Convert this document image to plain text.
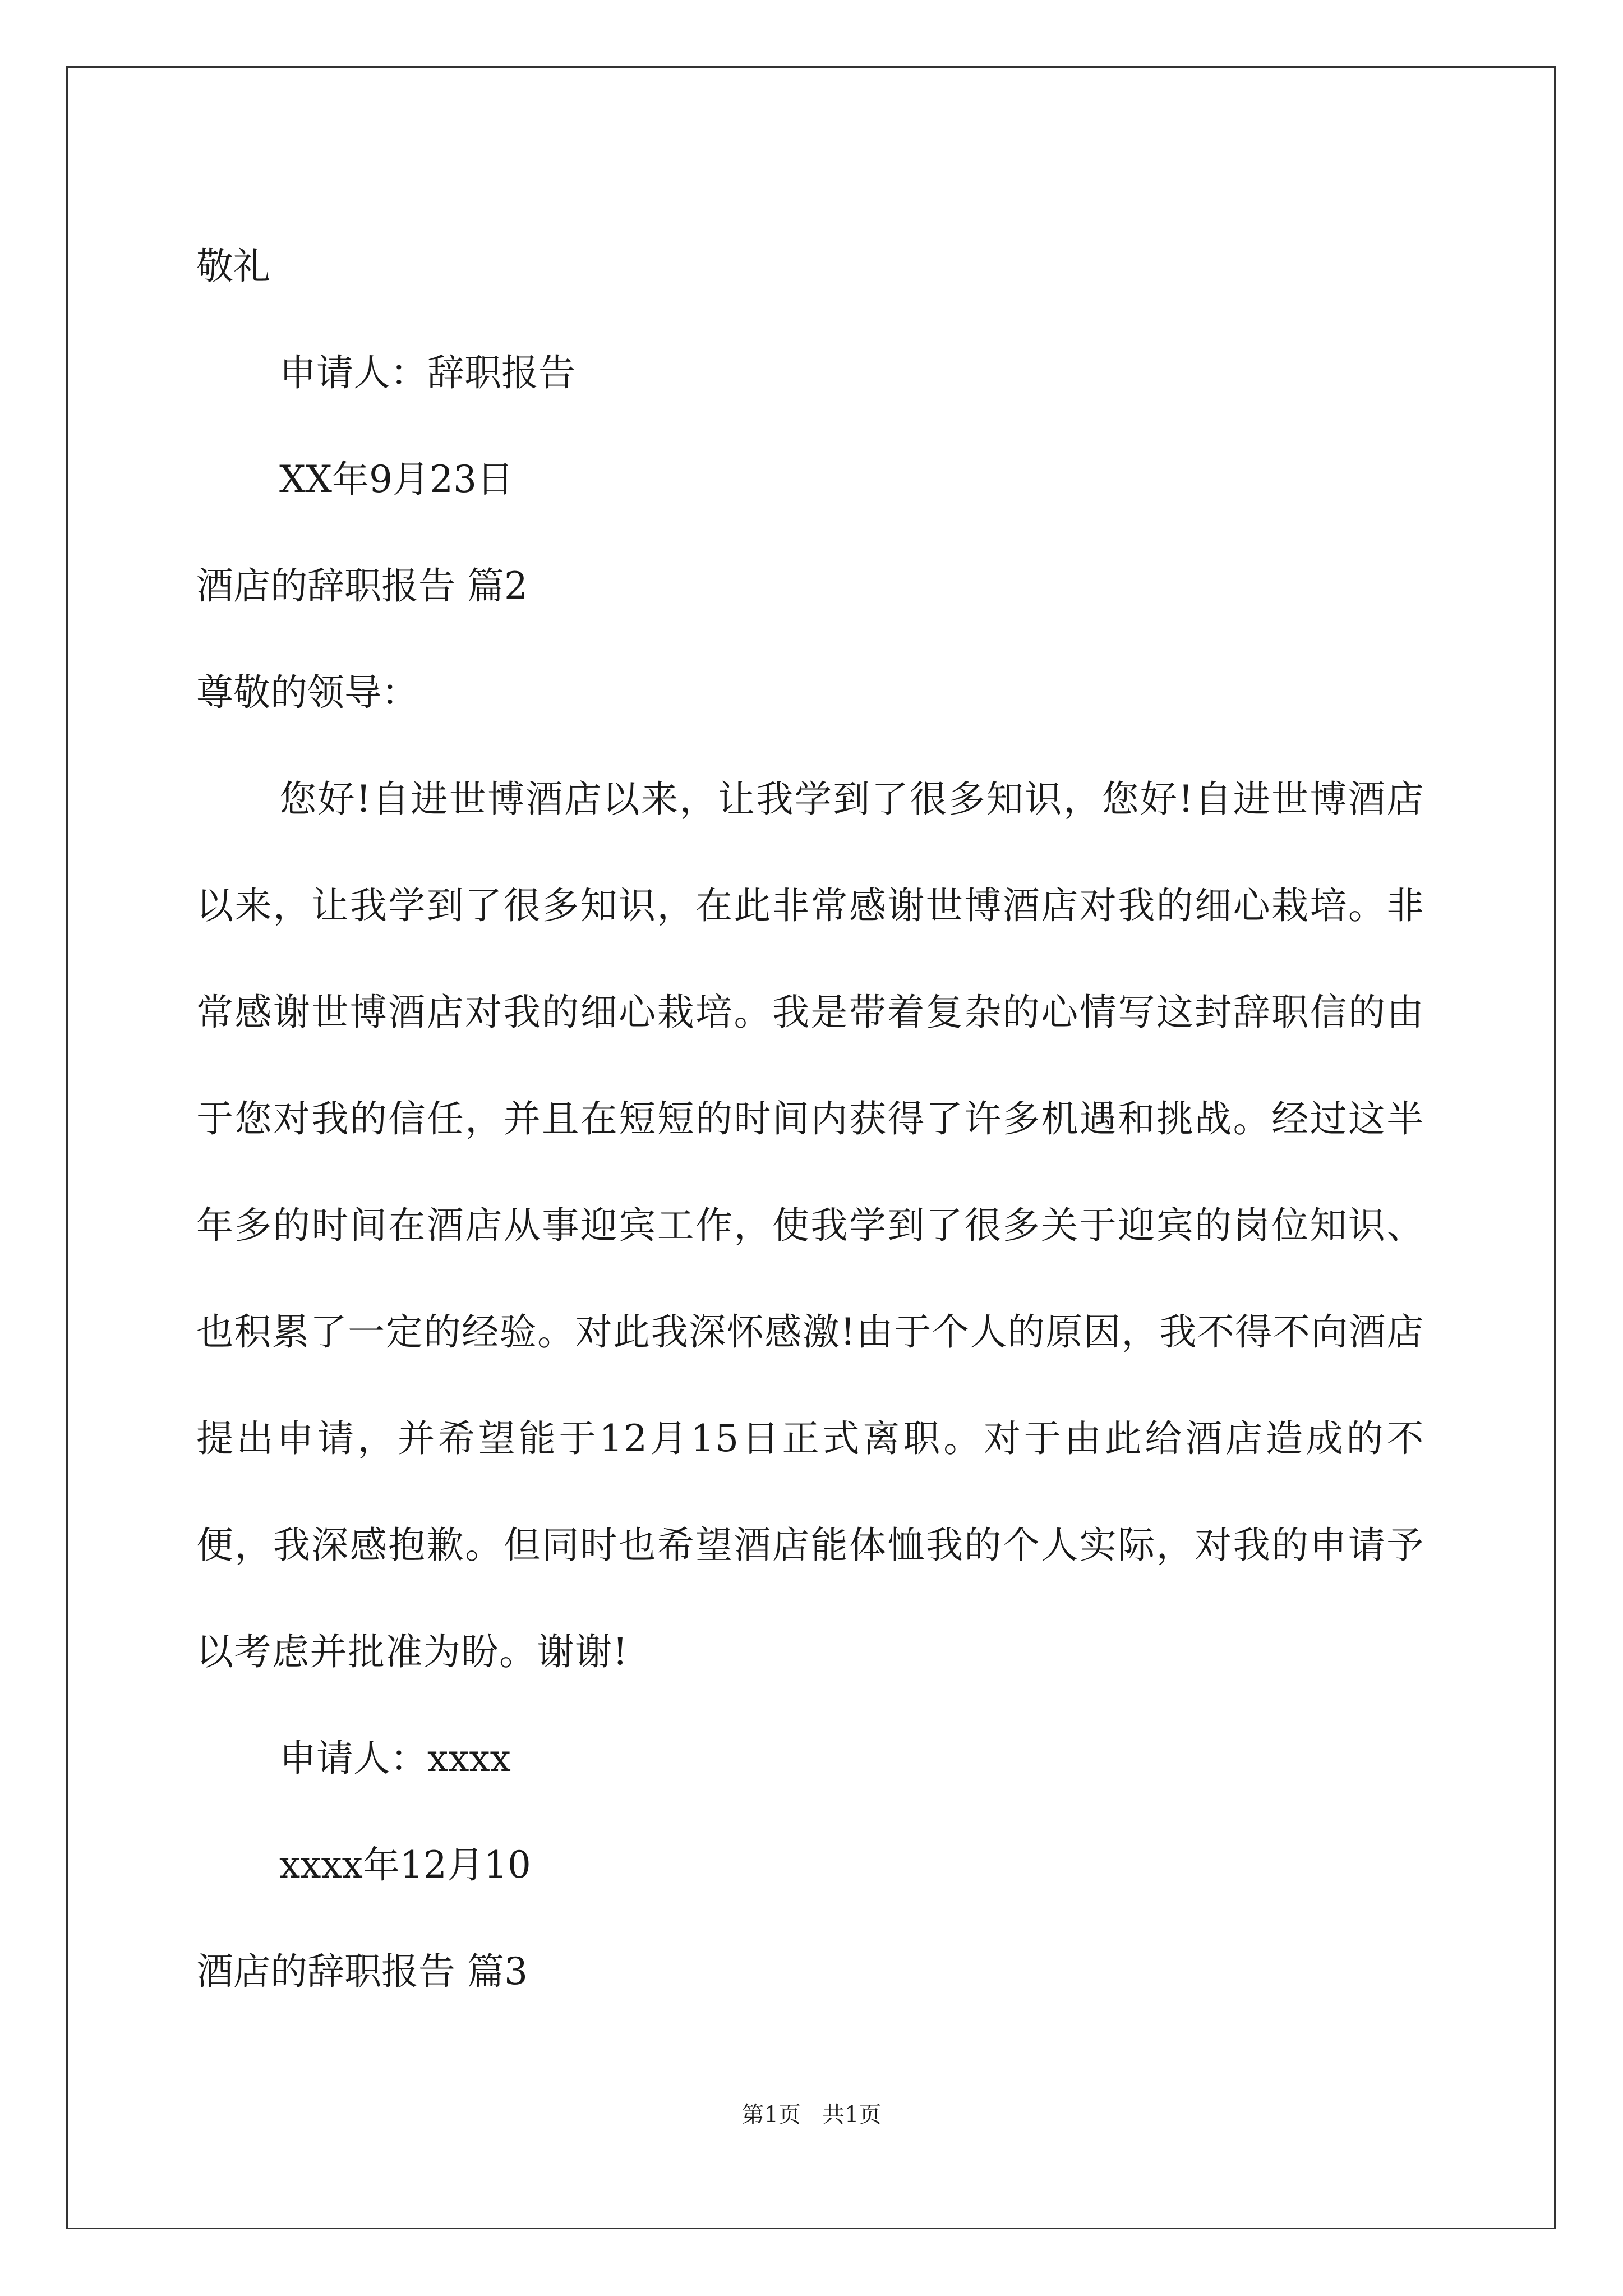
敬礼
申请人：辞职报告
XX年9月23日
酒店的辞职报告 篇2
尊敬的领导：

您好!自进世博酒店以来，让我学到了很多知识，您好!自进世博酒店以来，让我学到了很多知识，在此非常感谢世博酒店对我的细心栽培。非常感谢世博酒店对我的细心栽培。我是带着复杂的心情写这封辞职信的由于您对我的信任，并且在短短的时间内获得了许多机遇和挑战。经过这半年多的时间在酒店从事迎宾工作，使我学到了很多关于迎宾的岗位知识、也积累了一定的经验。对此我深怀感激!由于个人的原因，我不得不向酒店提出申请，并希望能于12月15日正式离职。对于由此给酒店造成的不便，我深感抱歉。但同时也希望酒店能体恤我的个人实际，对我的申请予以考虑并批准为盼。谢谢!

申请人：xxxx
xxxx年12月10
酒店的辞职报告 篇3
第1页   共1页
